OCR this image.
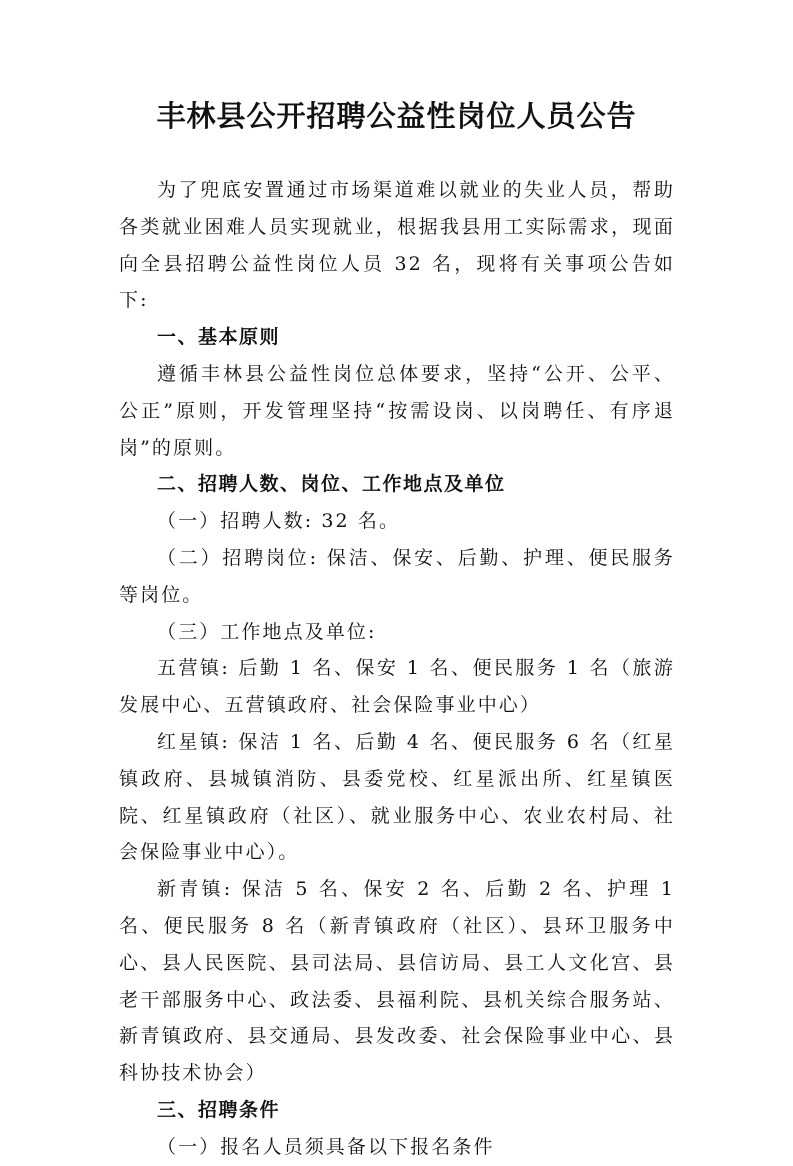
丰林县公开招聘公益性岗位人员公告

为了兜底安置通过市场渠道难以就业的失业人员，帮助各类就业困难人员实现就业，根据我县用工实际需求，现面向全县招聘公益性岗位人员 32 名，现将有关事项公告如下:

一、基本原则

遵循丰林县公益性岗位总体要求，坚持“公开、公平、公正”原则，开发管理坚持“按需设岗、以岗聘任、有序退岗”的原则。

二、招聘人数、岗位、工作地点及单位

（一）招聘人数: 32 名。

（二）招聘岗位: 保洁、保安、后勤、护理、便民服务等岗位。

（三）工作地点及单位:

五营镇: 后勤 1 名、保安 1 名、便民服务 1 名（旅游发展中心、五营镇政府、社会保险事业中心）

红星镇: 保洁 1 名、后勤 4 名、便民服务 6 名（红星镇政府、县城镇消防、县委党校、红星派出所、红星镇医院、红星镇政府（社区）、就业服务中心、农业农村局、社会保险事业中心）。

新青镇: 保洁 5 名、保安 2 名、后勤 2 名、护理 1 名、便民服务 8 名（新青镇政府（社区）、县环卫服务中心、县人民医院、县司法局、县信访局、县工人文化宫、县老干部服务中心、政法委、县福利院、县机关综合服务站、新青镇政府、县交通局、县发改委、社会保险事业中心、县科协技术协会）

三、招聘条件

（一）报名人员须具备以下报名条件
